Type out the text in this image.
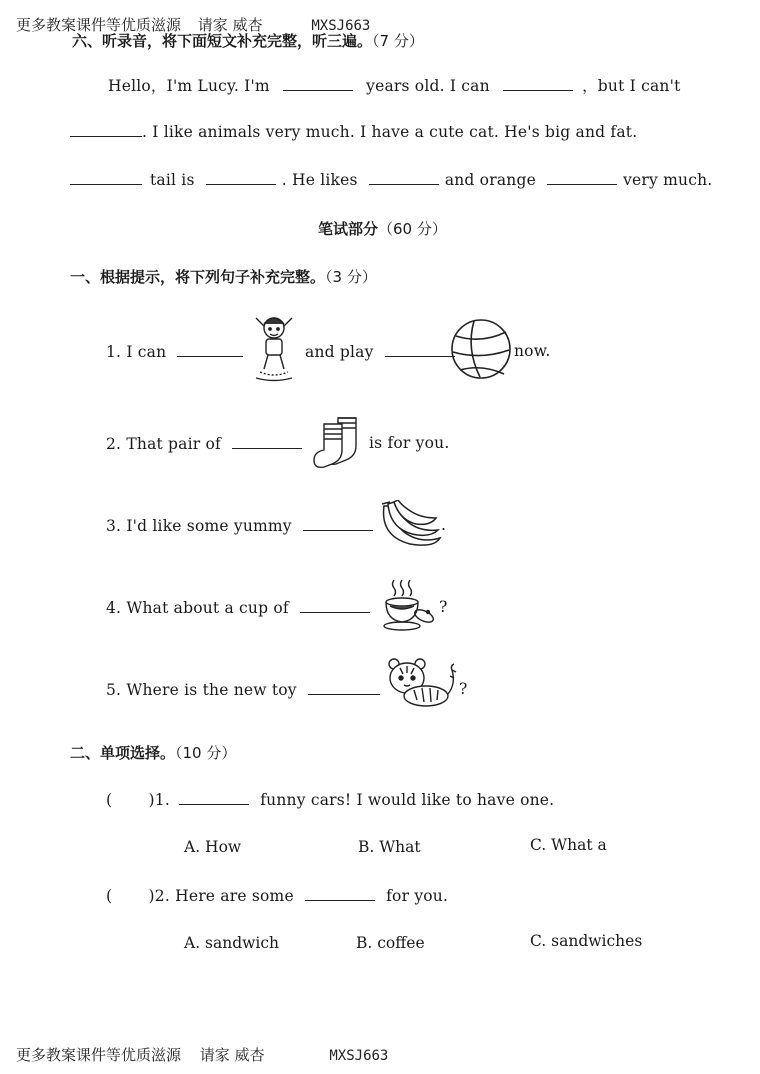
更多教案课件等优质滋源 请家 威杏	MXSJ663
六、听录音，将下面短文补充完整，听三遍。（7 分）
Hello，I'm Lucy. I'm	years old. I can	，but I can't
. I like animals very much. I have a cute cat. He's big and fat.
tail is	. He likes	and orange	very much.
笔试部分（60 分）
一、根据提示，将下列句子补充完整。（3 分）
1. I can	and play	now.
2. That pair of	is for you.
3. I'd like some yummy	.
4. What about a cup of	?
5. Where is the new toy	?
二、单项选择。（10 分）
( )1.	funny cars! I would like to have one.
A. How	B. What	C. What a
( )2. Here are some	for you.
A. sandwich	B. coffee	C. sandwiches
更多教案课件等优质滋源 请家 威杏	MXSJ663
